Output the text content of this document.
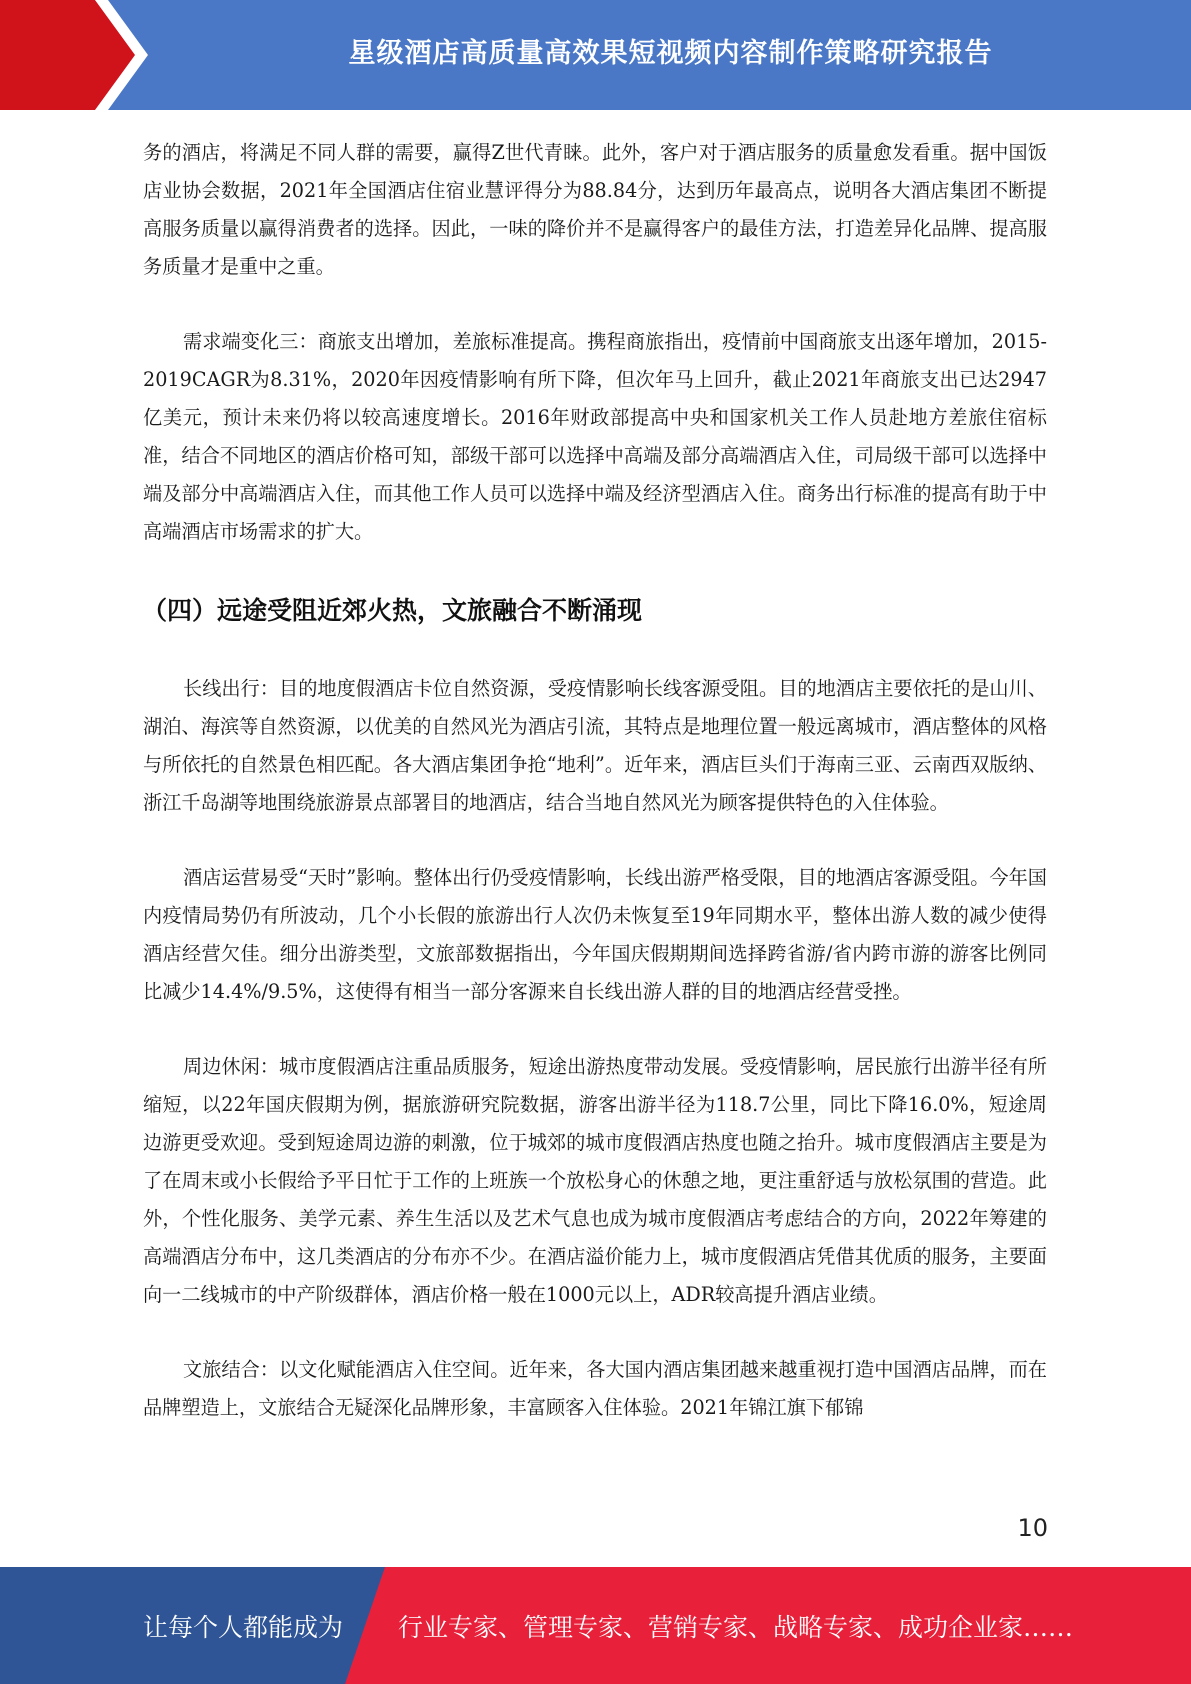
星级酒店高质量高效果短视频内容制作策略研究报告

务的酒店，将满足不同人群的需要，赢得Z世代青睐。此外，客户对于酒店服务的质量愈发看重。据中国饭店业协会数据，2021年全国酒店住宿业慧评得分为88.84分，达到历年最高点，说明各大酒店集团不断提高服务质量以赢得消费者的选择。因此，一味的降价并不是赢得客户的最佳方法，打造差异化品牌、提高服务质量才是重中之重。

需求端变化三：商旅支出增加，差旅标准提高。携程商旅指出，疫情前中国商旅支出逐年增加，2015-2019CAGR为8.31%，2020年因疫情影响有所下降，但次年马上回升，截止2021年商旅支出已达2947亿美元，预计未来仍将以较高速度增长。2016年财政部提高中央和国家机关工作人员赴地方差旅住宿标准，结合不同地区的酒店价格可知，部级干部可以选择中高端及部分高端酒店入住，司局级干部可以选择中端及部分中高端酒店入住，而其他工作人员可以选择中端及经济型酒店入住。商务出行标准的提高有助于中高端酒店市场需求的扩大。

（四）远途受阻近郊火热，文旅融合不断涌现

长线出行：目的地度假酒店卡位自然资源，受疫情影响长线客源受阻。目的地酒店主要依托的是山川、湖泊、海滨等自然资源，以优美的自然风光为酒店引流，其特点是地理位置一般远离城市，酒店整体的风格与所依托的自然景色相匹配。各大酒店集团争抢“地利”。近年来，酒店巨头们于海南三亚、云南西双版纳、浙江千岛湖等地围绕旅游景点部署目的地酒店，结合当地自然风光为顾客提供特色的入住体验。

酒店运营易受“天时”影响。整体出行仍受疫情影响，长线出游严格受限，目的地酒店客源受阻。今年国内疫情局势仍有所波动，几个小长假的旅游出行人次仍未恢复至19年同期水平，整体出游人数的减少使得酒店经营欠佳。细分出游类型，文旅部数据指出，今年国庆假期期间选择跨省游/省内跨市游的游客比例同比减少14.4%/9.5%，这使得有相当一部分客源来自长线出游人群的目的地酒店经营受挫。

周边休闲：城市度假酒店注重品质服务，短途出游热度带动发展。受疫情影响，居民旅行出游半径有所缩短，以22年国庆假期为例，据旅游研究院数据，游客出游半径为118.7公里，同比下降16.0%，短途周边游更受欢迎。受到短途周边游的刺激，位于城郊的城市度假酒店热度也随之抬升。城市度假酒店主要是为了在周末或小长假给予平日忙于工作的上班族一个放松身心的休憩之地，更注重舒适与放松氛围的营造。此外，个性化服务、美学元素、养生生活以及艺术气息也成为城市度假酒店考虑结合的方向，2022年筹建的高端酒店分布中，这几类酒店的分布亦不少。在酒店溢价能力上，城市度假酒店凭借其优质的服务，主要面向一二线城市的中产阶级群体，酒店价格一般在1000元以上，ADR较高提升酒店业绩。

文旅结合：以文化赋能酒店入住空间。近年来，各大国内酒店集团越来越重视打造中国酒店品牌，而在品牌塑造上，文旅结合无疑深化品牌形象，丰富顾客入住体验。2021年锦江旗下郁锦

10
让每个人都能成为 行业专家、管理专家、营销专家、战略专家、成功企业家……
